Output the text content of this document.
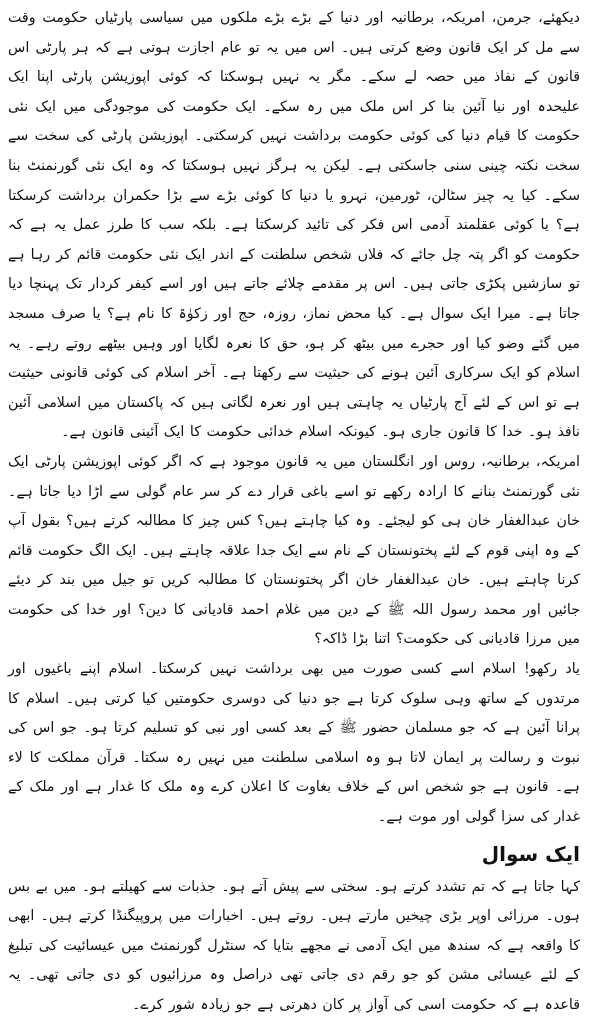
دیکھئے، جرمن، امریکہ، برطانیہ اور دنیا کے بڑے بڑے ملکوں میں سیاسی پارٹیاں حکومت وقت سے مل کر ایک قانون وضع کرتی ہیں۔ اس میں یہ تو عام اجازت ہوتی ہے کہ ہر پارٹی اس قانون کے نفاذ میں حصہ لے سکے۔ مگر یہ نہیں ہوسکتا کہ کوئی اپوزیشن پارٹی اپنا ایک علیحدہ اور نیا آئین بنا کر اس ملک میں رہ سکے۔ ایک حکومت کی موجودگی میں ایک نئی حکومت کا قیام دنیا کی کوئی حکومت برداشت نہیں کرسکتی۔ اپوزیشن پارٹی کی سخت سے سخت نکتہ چینی سنی جاسکتی ہے۔ لیکن یہ ہرگز نہیں ہوسکتا کہ وہ ایک نئی گورنمنٹ بنا سکے۔ کیا یہ چیز سٹالن، ٹورمین، نہرو یا دنیا کا کوئی بڑے سے بڑا حکمران برداشت کرسکتا ہے؟ یا کوئی عقلمند آدمی اس فکر کی تائید کرسکتا ہے۔ بلکہ سب کا طرز عمل یہ ہے کہ حکومت کو اگر پتہ چل جائے کہ فلاں شخص سلطنت کے اندر ایک نئی حکومت قائم کر رہا ہے تو سازشیں پکڑی جاتی ہیں۔ اس پر مقدمے چلائے جاتے ہیں اور اسے کیفر کردار تک پہنچا دیا جاتا ہے۔ میرا ایک سوال ہے۔ کیا محض نماز، روزہ، حج اور زکوٰۃ کا نام ہے؟ یا صرف مسجد میں گئے وضو کیا اور حجرے میں بیٹھ کر ہو، حق کا نعرہ لگایا اور وہیں بیٹھے روتے رہے۔ یہ اسلام کو ایک سرکاری آئین ہونے کی حیثیت سے رکھتا ہے۔ آخر اسلام کی کوئی قانونی حیثیت ہے تو اس کے لئے آج پارٹیاں یہ چاہتی ہیں اور نعرہ لگاتی ہیں کہ پاکستان میں اسلامی آئین نافذ ہو۔ خدا کا قانون جاری ہو۔ کیونکہ اسلام خدائی حکومت کا ایک آئینی قانون ہے۔

امریکہ، برطانیہ، روس اور انگلستان میں یہ قانون موجود ہے کہ اگر کوئی اپوزیشن پارٹی ایک نئی گورنمنٹ بنانے کا ارادہ رکھے تو اسے باغی قرار دے کر سر عام گولی سے اڑا دیا جاتا ہے۔ خان عبدالغفار خان ہی کو لیجئے۔ وہ کیا چاہتے ہیں؟ کس چیز کا مطالبہ کرتے ہیں؟ بقول آپ کے وہ اپنی قوم کے لئے پختونستان کے نام سے ایک جدا علاقہ چاہتے ہیں۔ ایک الگ حکومت قائم کرنا چاہتے ہیں۔ خان عبدالغفار خان اگر پختونستان کا مطالبہ کریں تو جیل میں بند کر دیئے جائیں اور محمد رسول اللہ ﷺ کے دین میں غلام احمد قادیانی کا دین؟ اور خدا کی حکومت میں مرزا قادیانی کی حکومت؟ اتنا بڑا ڈاکہ؟

یاد رکھو! اسلام اسے کسی صورت میں بھی برداشت نہیں کرسکتا۔ اسلام اپنے باغیوں اور مرتدوں کے ساتھ وہی سلوک کرتا ہے جو دنیا کی دوسری حکومتیں کیا کرتی ہیں۔ اسلام کا پرانا آئین ہے کہ جو مسلمان حضور ﷺ کے بعد کسی اور نبی کو تسلیم کرتا ہو۔ جو اس کی نبوت و رسالت پر ایمان لاتا ہو وہ اسلامی سلطنت میں نہیں رہ سکتا۔ قرآن مملکت کا لاء ہے۔ قانون ہے جو شخص اس کے خلاف بغاوت کا اعلان کرے وہ ملک کا غدار ہے اور ملک کے غدار کی سزا گولی اور موت ہے۔

ایک سوال

کہا جاتا ہے کہ تم تشدد کرتے ہو۔ سختی سے پیش آتے ہو۔ جذبات سے کھیلتے ہو۔ میں بے بس ہوں۔ مرزائی اوپر بڑی چیخیں مارتے ہیں۔ روتے ہیں۔ اخبارات میں پروپیگنڈا کرتے ہیں۔ ابھی کا واقعہ ہے کہ سندھ میں ایک آدمی نے مجھے بتایا کہ سنٹرل گورنمنٹ میں عیسائیت کی تبلیغ کے لئے عیسائی مشن کو جو رقم دی جاتی تھی دراصل وہ مرزائیوں کو دی جاتی تھی۔ یہ قاعدہ ہے کہ حکومت اسی کی آواز پر کان دھرتی ہے جو زیادہ شور کرے۔
